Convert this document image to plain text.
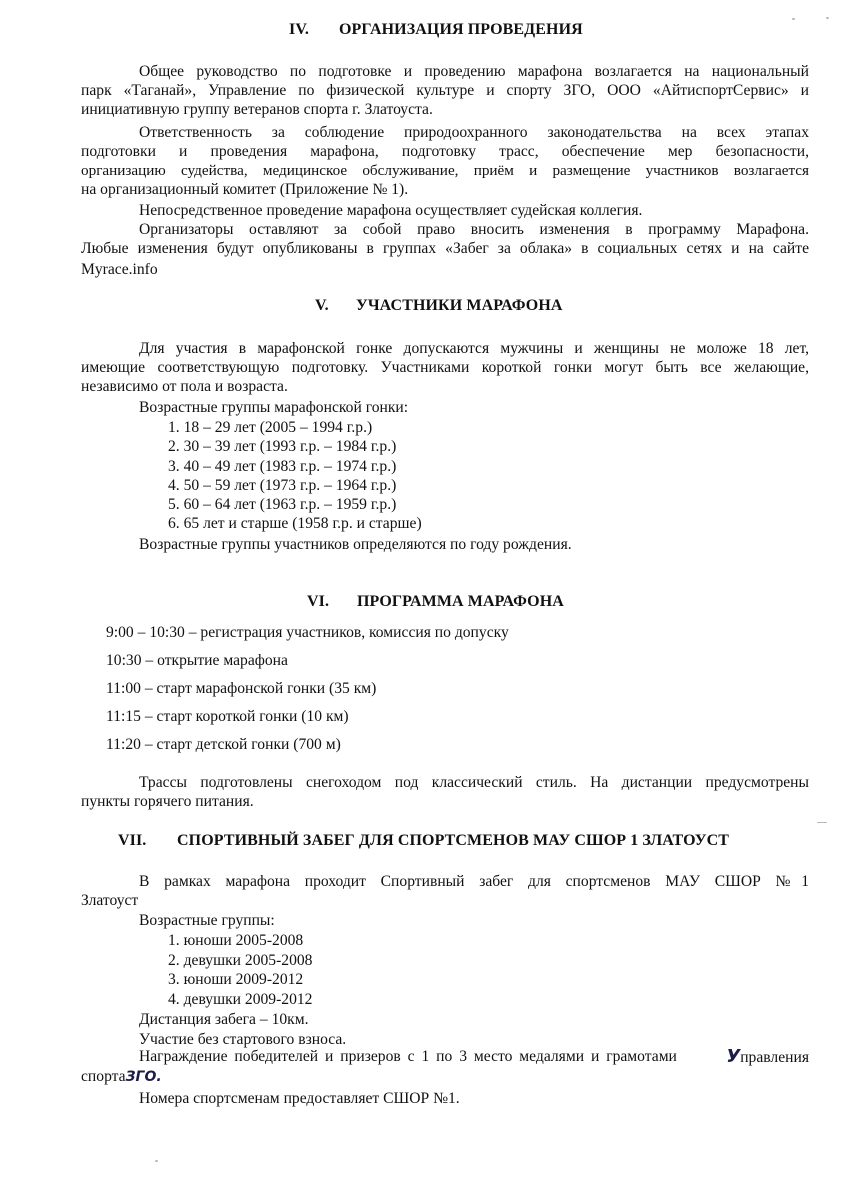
IV. ОРГАНИЗАЦИЯ ПРОВЕДЕНИЯ
Общее руководство по подготовке и проведению марафона возлагается на национальный
парк «Таганай», Управление по физической культуре и спорту ЗГО, ООО «АйтиспортСервис» и
инициативную группу ветеранов спорта г. Златоуста.
Ответственность за соблюдение природоохранного законодательства на всех этапах
подготовки и проведения марафона, подготовку трасс, обеспечение мер безопасности,
организацию судейства, медицинское обслуживание, приём и размещение участников возлагается
на организационный комитет (Приложение № 1).
Непосредственное проведение марафона осуществляет судейская коллегия.
Организаторы оставляют за собой право вносить изменения в программу Марафона.
Любые изменения будут опубликованы в группах «Забег за облака» в социальных сетях и на сайте
Myrace.info
V. УЧАСТНИКИ МАРАФОНА
Для участия в марафонской гонке допускаются мужчины и женщины не моложе 18 лет,
имеющие соответствующую подготовку. Участниками короткой гонки могут быть все желающие,
независимо от пола и возраста.
Возрастные группы марафонской гонки:
1. 18 – 29 лет (2005 – 1994 г.р.)
2. 30 – 39 лет (1993 г.р. – 1984 г.р.)
3. 40 – 49 лет (1983 г.р. – 1974 г.р.)
4. 50 – 59 лет (1973 г.р. – 1964 г.р.)
5. 60 – 64 лет (1963 г.р. – 1959 г.р.)
6. 65 лет и старше (1958 г.р. и старше)
Возрастные группы участников определяются по году рождения.
VI. ПРОГРАММА МАРАФОНА
9:00 – 10:30 – регистрация участников, комиссия по допуску
10:30 – открытие марафона
11:00 – старт марафонской гонки (35 км)
11:15 – старт короткой гонки (10 км)
11:20 – старт детской гонки (700 м)
Трассы подготовлены снегоходом под классический стиль. На дистанции предусмотрены
пункты горячего питания.
VII. СПОРТИВНЫЙ ЗАБЕГ ДЛЯ СПОРТСМЕНОВ МАУ СШОР 1 ЗЛАТОУСТ
В рамках марафона проходит Спортивный забег для спортсменов МАУ СШОР №1
Златоуст
Возрастные группы:
1. юноши 2005-2008
2. девушки 2005-2008
3. юноши 2009-2012
4. девушки 2009-2012
Дистанция забега – 10км.
Участие без стартового взноса.
Награждение победителей и призеров с 1 по 3 место медалями и грамотами	Управления
спортаЗГО.
Номера спортсменам предоставляет СШОР №1.
